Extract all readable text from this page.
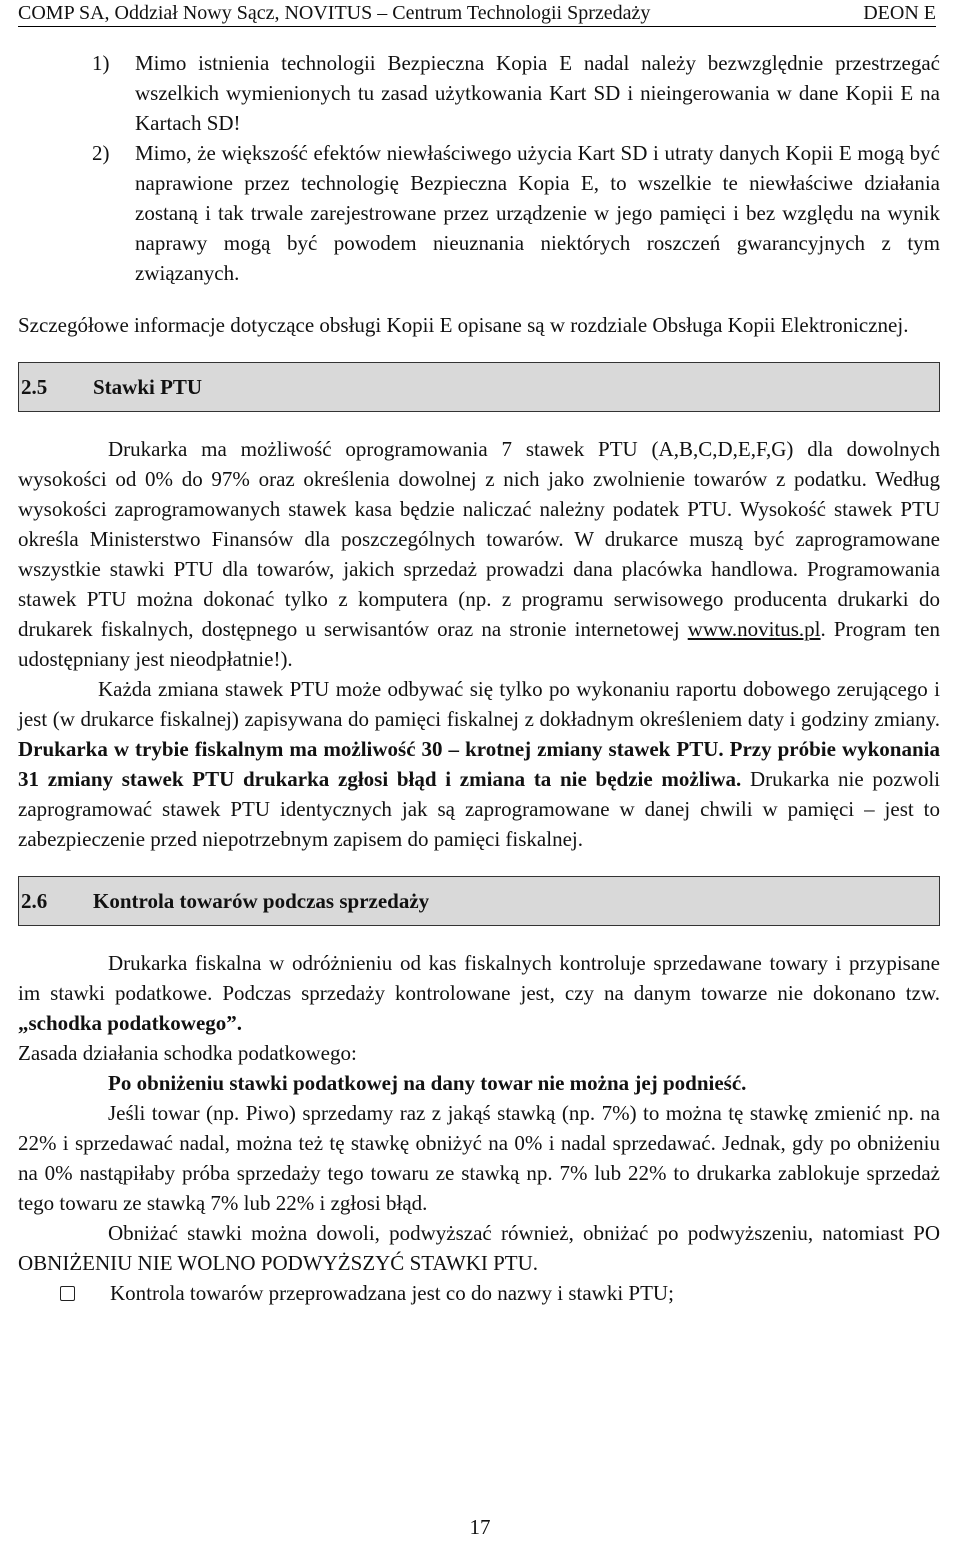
COMP SA, Oddział Nowy Sącz, NOVITUS – Centrum Technologii Sprzedaży	DEON E
1) Mimo istnienia technologii Bezpieczna Kopia E nadal należy bezwzględnie przestrzegać wszelkich wymienionych tu zasad użytkowania Kart SD i nieingerowania w dane Kopii E na Kartach SD!
2) Mimo, że większość efektów niewłaściwego użycia Kart SD i utraty danych Kopii E mogą być naprawione przez technologię Bezpieczna Kopia E, to wszelkie te niewłaściwe działania zostaną i tak trwale zarejestrowane przez urządzenie w jego pamięci i bez względu na wynik naprawy mogą być powodem nieuznania niektórych roszczeń gwarancyjnych z tym związanych.

Szczegółowe informacje dotyczące obsługi Kopii E opisane są w rozdziale Obsługa Kopii Elektronicznej.

2.5 Stawki PTU

Drukarka ma możliwość oprogramowania 7 stawek PTU (A,B,C,D,E,F,G) dla dowolnych wysokości od 0% do 97% oraz określenia dowolnej z nich jako zwolnienie towarów z podatku. Według wysokości zaprogramowanych stawek kasa będzie naliczać należny podatek PTU. Wysokość stawek PTU określa Ministerstwo Finansów dla poszczególnych towarów. W drukarce muszą być zaprogramowane wszystkie stawki PTU dla towarów, jakich sprzedaż prowadzi dana placówka handlowa. Programowania stawek PTU można dokonać tylko z komputera (np. z programu serwisowego producenta drukarki do drukarek fiskalnych, dostępnego u serwisantów oraz na stronie internetowej www.novitus.pl. Program ten udostępniany jest nieodpłatnie!).

Każda zmiana stawek PTU może odbywać się tylko po wykonaniu raportu dobowego zerującego i jest (w drukarce fiskalnej) zapisywana do pamięci fiskalnej z dokładnym określeniem daty i godziny zmiany. Drukarka w trybie fiskalnym ma możliwość 30 – krotnej zmiany stawek PTU. Przy próbie wykonania 31 zmiany stawek PTU drukarka zgłosi błąd i zmiana ta nie będzie możliwa. Drukarka nie pozwoli zaprogramować stawek PTU identycznych jak są zaprogramowane w danej chwili w pamięci – jest to zabezpieczenie przed niepotrzebnym zapisem do pamięci fiskalnej.

2.6 Kontrola towarów podczas sprzedaży

Drukarka fiskalna w odróżnieniu od kas fiskalnych kontroluje sprzedawane towary i przypisane im stawki podatkowe. Podczas sprzedaży kontrolowane jest, czy na danym towarze nie dokonano tzw. „schodka podatkowego”.

Zasada działania schodka podatkowego:

Po obniżeniu stawki podatkowej na dany towar nie można jej podnieść.

Jeśli towar (np. Piwo) sprzedamy raz z jakąś stawką (np. 7%) to można tę stawkę zmienić np. na 22% i sprzedawać nadal, można też tę stawkę obniżyć na 0% i nadal sprzedawać. Jednak, gdy po obniżeniu na 0% nastąpiłaby próba sprzedaży tego towaru ze stawką np. 7% lub 22% to drukarka zablokuje sprzedaż tego towaru ze stawką 7% lub 22% i zgłosi błąd.

Obniżać stawki można dowoli, podwyższać również, obniżać po podwyższeniu, natomiast PO OBNIŻENIU NIE WOLNO PODWYŻSZYĆ STAWKI PTU.

Kontrola towarów przeprowadzana jest co do nazwy i stawki PTU;

17
